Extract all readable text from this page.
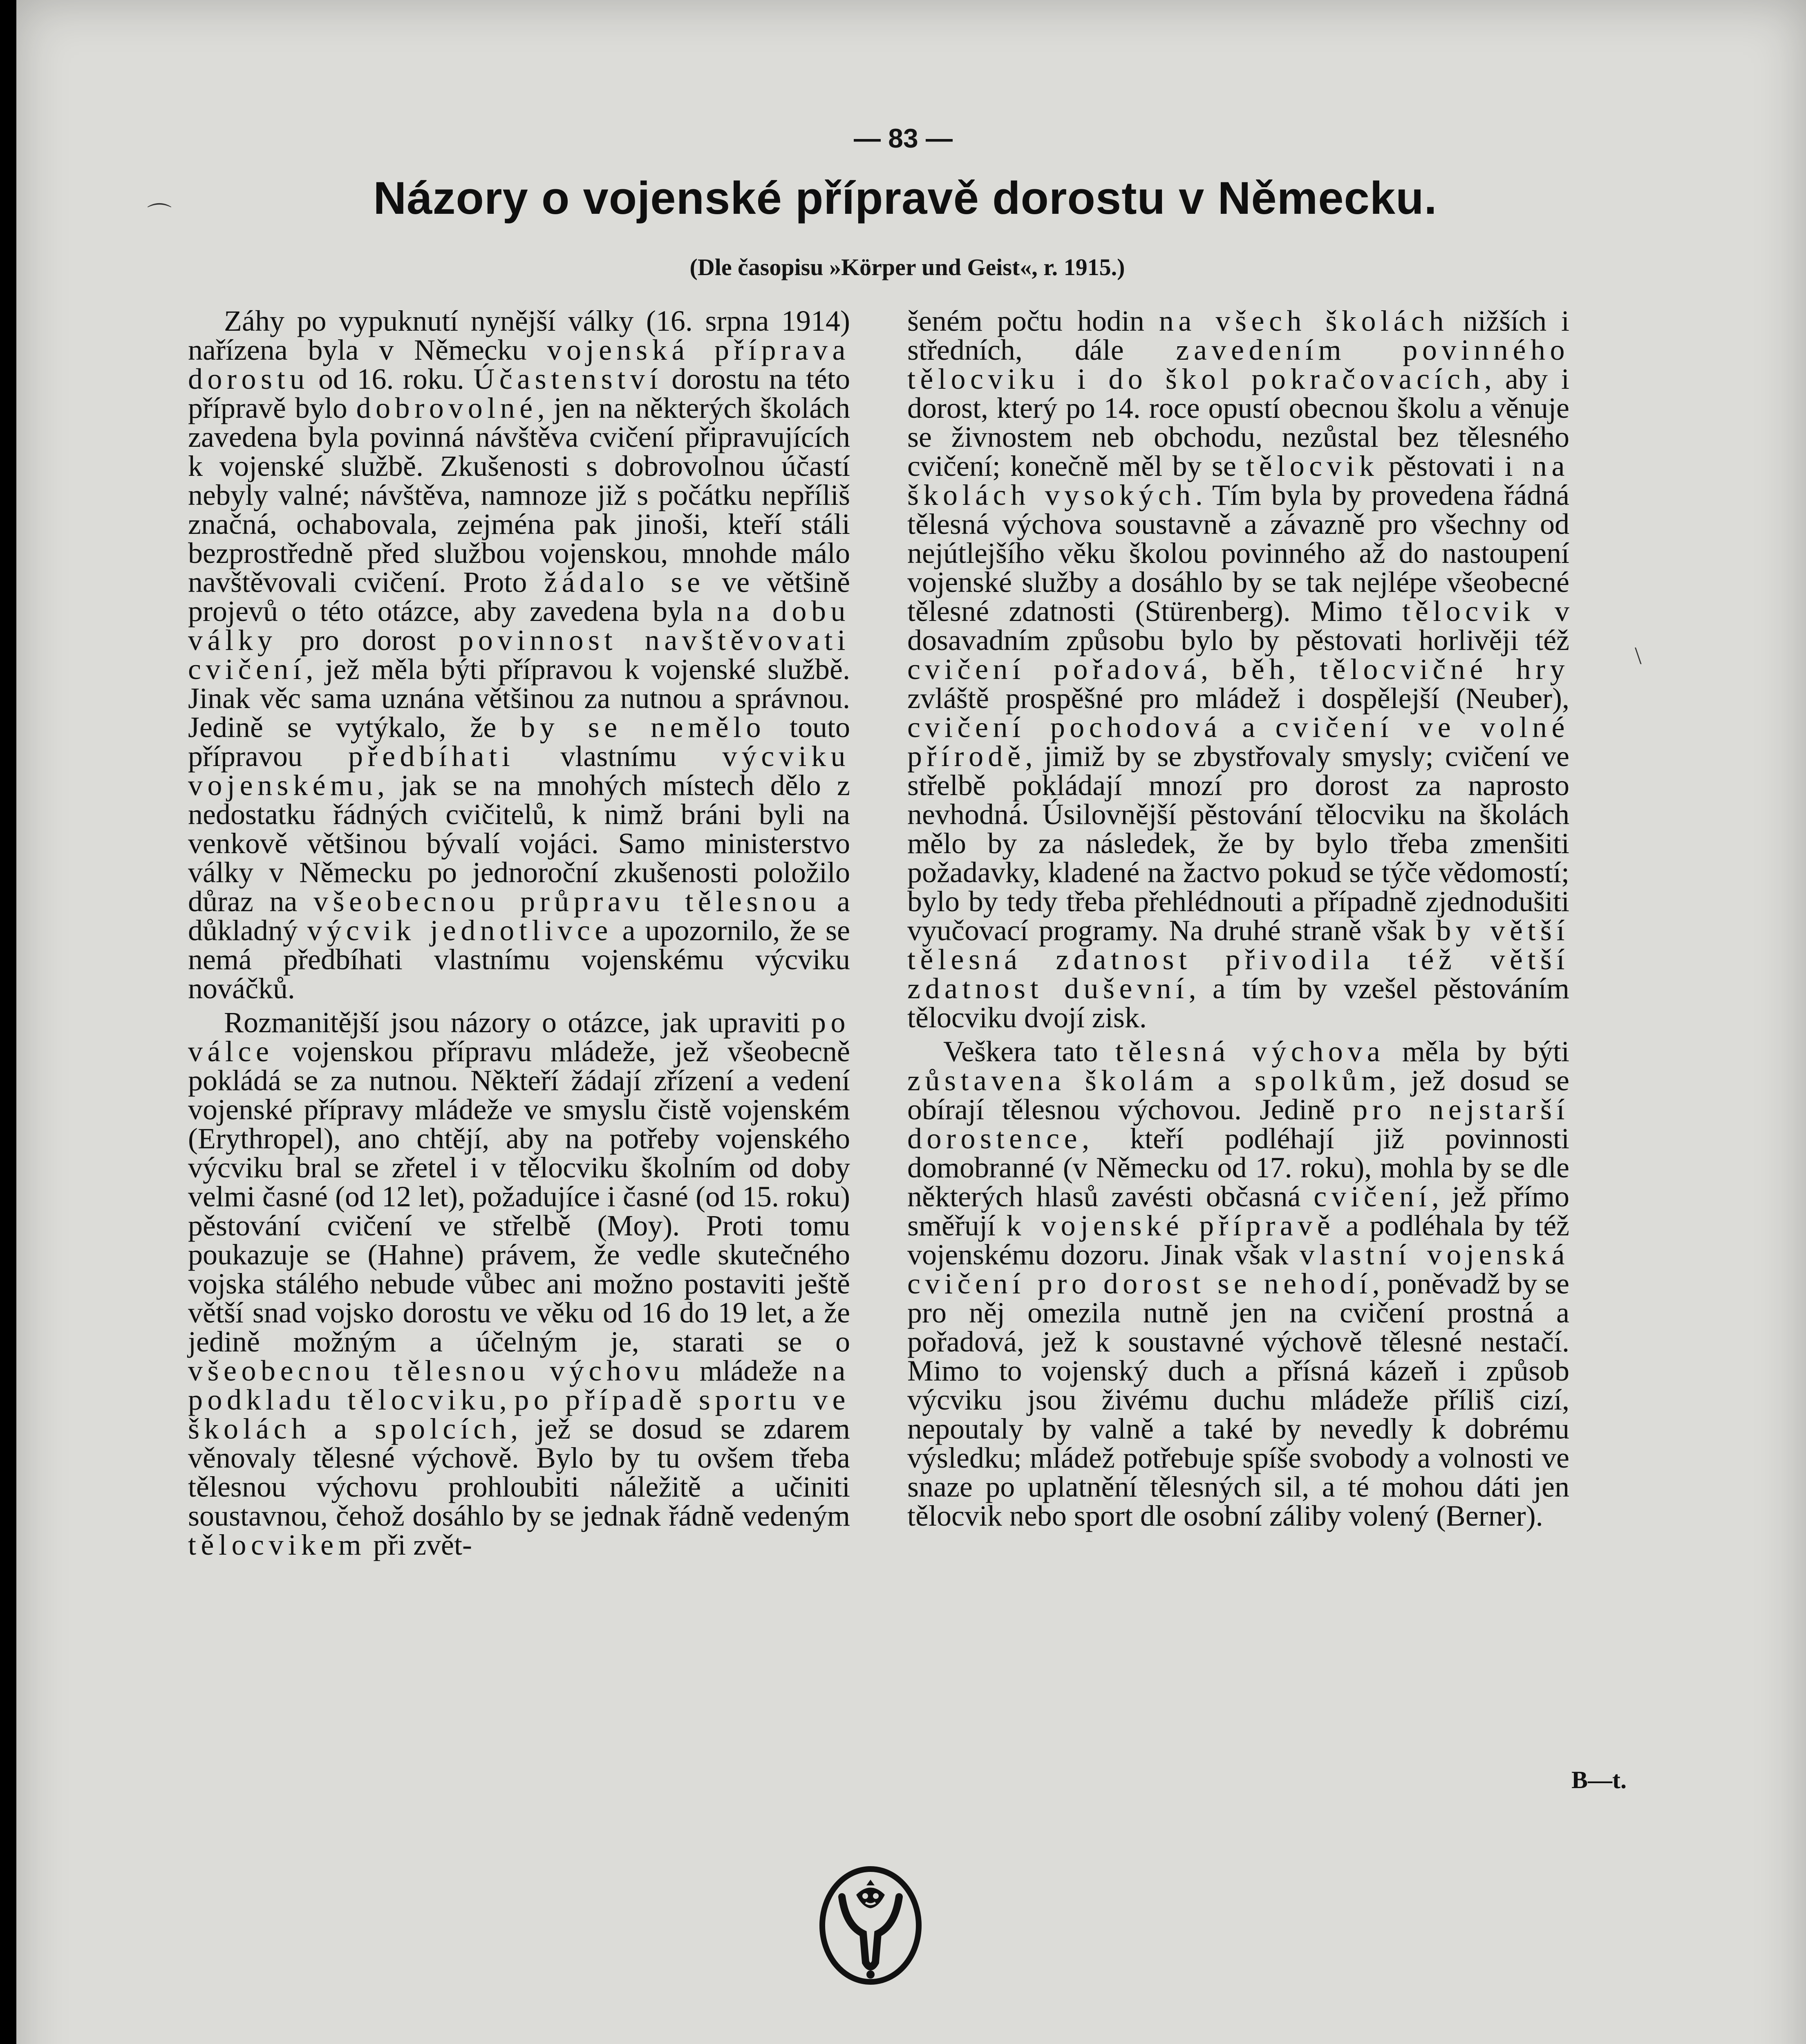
— 83 —
Názory o vojenské přípravě dorostu v Německu.
(Dle časopisu »Körper und Geist«, r. 1915.)

Záhy po vypuknutí nynější války (16. srpna 1914) nařízena byla v Německu vojenská příprava dorostu od 16. roku. Účastenství dorostu na této přípravě bylo dobrovolné, jen na některých školách zavedena byla povinná návštěva cvičení připravujících k vojenské službě. Zkušenosti s dobrovolnou účastí nebyly valné; návštěva, namnoze již s počátku nepříliš značná, ochabovala, zejména pak jinoši, kteří stáli bezprostředně před službou vojenskou, mnohde málo navštěvovali cvičení. Proto žádalo se ve většině projevů o této otázce, aby zavedena byla na dobu války pro dorost povinnost navštěvovati cvičení, jež měla býti přípravou k vojenské službě. Jinak věc sama uznána většinou za nutnou a správnou. Jedině se vytýkalo, že by se nemělo touto přípravou předbíhati vlastnímu výcviku vojenskému, jak se na mnohých místech dělo z nedostatku řádných cvičitelů, k nimž bráni byli na venkově většinou bývalí vojáci. Samo ministerstvo války v Německu po jednoroční zkušenosti položilo důraz na všeobecnou průpravu tělesnou a důkladný výcvik jednotlivce a upozornilo, že se nemá předbíhati vlastnímu vojenskému výcviku nováčků.

Rozmanitější jsou názory o otázce, jak upraviti po válce vojenskou přípravu mládeže, jež všeobecně pokládá se za nutnou. Někteří žádají zřízení a vedení vojenské přípravy mládeže ve smyslu čistě vojenském (Erythropel), ano chtějí, aby na potřeby vojenského výcviku bral se zřetel i v tělocviku školním od doby velmi časné (od 12 let), požadujíce i časné (od 15. roku) pěstování cvičení ve střelbě (Moy). Proti tomu poukazuje se (Hahne) právem, že vedle skutečného vojska stálého nebude vůbec ani možno postaviti ještě větší snad vojsko dorostu ve věku od 16 do 19 let, a že jedině možným a účelným je, starati se o všeobecnou tělesnou výchovu mládeže na podkladu tělocviku, po případě sportu ve školách a spolcích, jež se dosud se zdarem věnovaly tělesné výchově. Bylo by tu ovšem třeba tělesnou výchovu prohloubiti náležitě a učiniti soustavnou, čehož dosáhlo by se jednak řádně vedeným tělocvikem při zvět-

šeném počtu hodin na všech školách nižších i středních, dále zavedením povinného tělocviku i do škol pokračovacích, aby i dorost, který po 14. roce opustí obecnou školu a věnuje se živnostem neb obchodu, nezůstal bez tělesného cvičení; konečně měl by se tělocvik pěstovati i na školách vysokých. Tím byla by provedena řádná tělesná výchova soustavně a závazně pro všechny od nejútlejšího věku školou povinného až do nastoupení vojenské služby a dosáhlo by se tak nejlépe všeobecné tělesné zdatnosti (Stürenberg). Mimo tělocvik v dosavadním způsobu bylo by pěstovati horlivěji též cvičení pořadová, běh, tělocvičné hry zvláště prospěšné pro mládež i dospělejší (Neuber), cvičení pochodová a cvičení ve volné přírodě, jimiž by se zbystřovaly smysly; cvičení ve střelbě pokládají mnozí pro dorost za naprosto nevhodná. Úsilovnější pěstování tělocviku na školách mělo by za následek, že by bylo třeba zmenšiti požadavky, kladené na žactvo pokud se týče vědomostí; bylo by tedy třeba přehlédnouti a případně zjednodušiti vyučovací programy. Na druhé straně však by větší tělesná zdatnost přivodila též větší zdatnost duševní, a tím by vzešel pěstováním tělocviku dvojí zisk.

Veškera tato tělesná výchova měla by býti zůstavena školám a spolkům, jež dosud se obírají tělesnou výchovou. Jedině pro nejstarší dorostence, kteří podléhají již povinnosti domobranné (v Německu od 17. roku), mohla by se dle některých hlasů zavésti občasná cvičení, jež přímo směřují k vojenské přípravě a podléhala by též vojenskému dozoru. Jinak však vlastní vojenská cvičení pro dorost se nehodí, poněvadž by se pro něj omezila nutně jen na cvičení prostná a pořadová, jež k soustavné výchově tělesné nestačí. Mimo to vojenský duch a přísná kázeň i způsob výcviku jsou živému duchu mládeže příliš cizí, nepoutaly by valně a také by nevedly k dobrému výsledku; mládež potřebuje spíše svobody a volnosti ve snaze po uplatnění tělesných sil, a té mohou dáti jen tělocvik nebo sport dle osobní záliby volený (Berner).

B—t.
⌒
\
